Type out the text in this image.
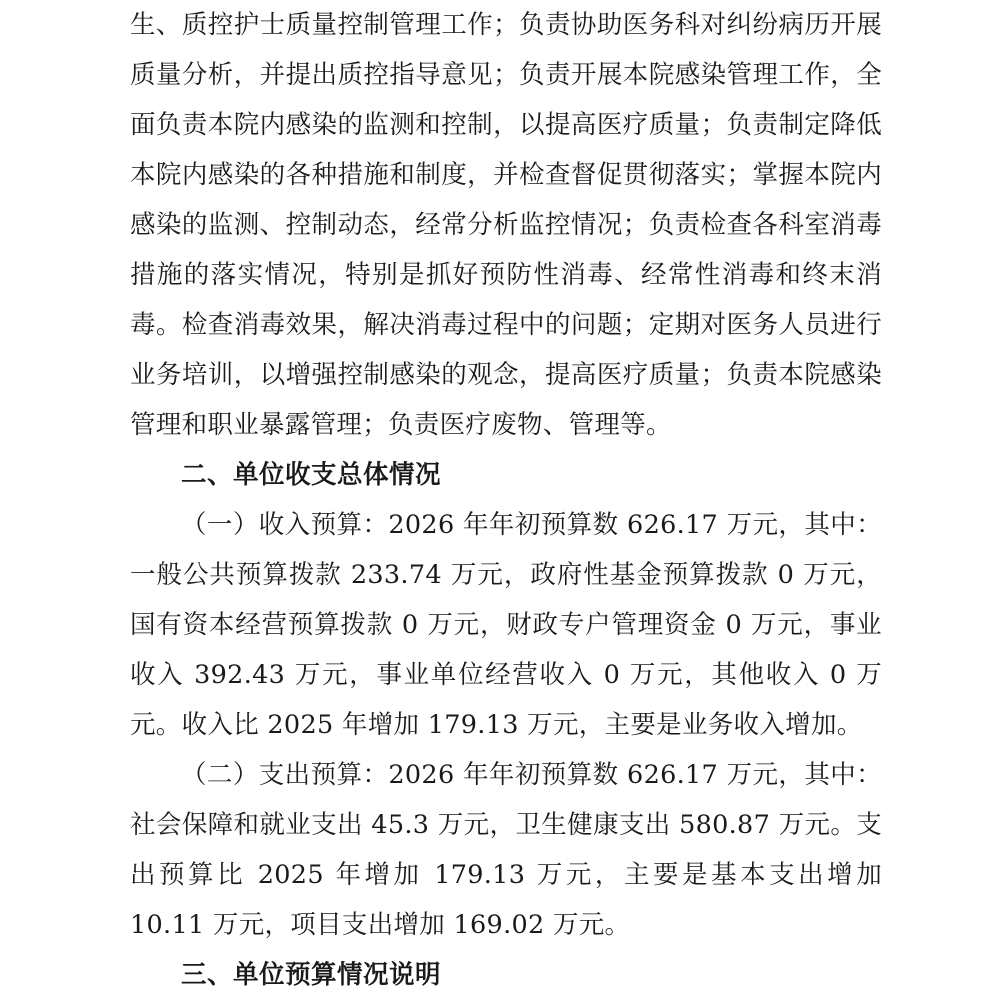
生、质控护士质量控制管理工作；负责协助医务科对纠纷病历开展质量分析，并提出质控指导意见；负责开展本院感染管理工作，全面负责本院内感染的监测和控制，以提高医疗质量；负责制定降低本院内感染的各种措施和制度，并检查督促贯彻落实；掌握本院内感染的监测、控制动态，经常分析监控情况；负责检查各科室消毒措施的落实情况，特别是抓好预防性消毒、经常性消毒和终末消毒。检查消毒效果，解决消毒过程中的问题；定期对医务人员进行业务培训，以增强控制感染的观念，提高医疗质量；负责本院感染管理和职业暴露管理；负责医疗废物、管理等。

二、单位收支总体情况

（一）收入预算：2026 年年初预算数 626.17 万元，其中：一般公共预算拨款 233.74 万元，政府性基金预算拨款 0 万元，国有资本经营预算拨款 0 万元，财政专户管理资金 0 万元，事业收入 392.43 万元，事业单位经营收入 0 万元，其他收入 0 万元。收入比 2025 年增加 179.13 万元，主要是业务收入增加。

（二）支出预算：2026 年年初预算数 626.17 万元，其中：社会保障和就业支出 45.3 万元，卫生健康支出 580.87 万元。支出预算比 2025 年增加 179.13 万元，主要是基本支出增加 10.11 万元，项目支出增加 169.02 万元。

三、单位预算情况说明
